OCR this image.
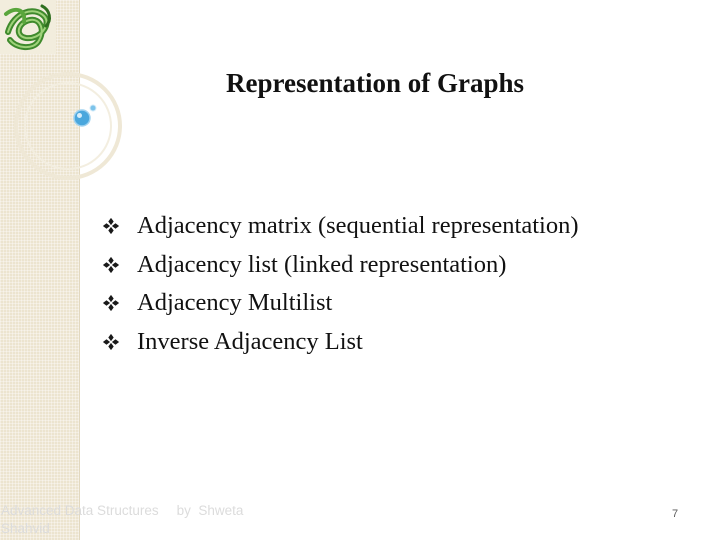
Representation of Graphs
Adjacency matrix (sequential representation)
Adjacency list (linked representation)
Adjacency Multilist
Inverse Adjacency List
Advanced Data Structures by Shweta
Shahvid
7
